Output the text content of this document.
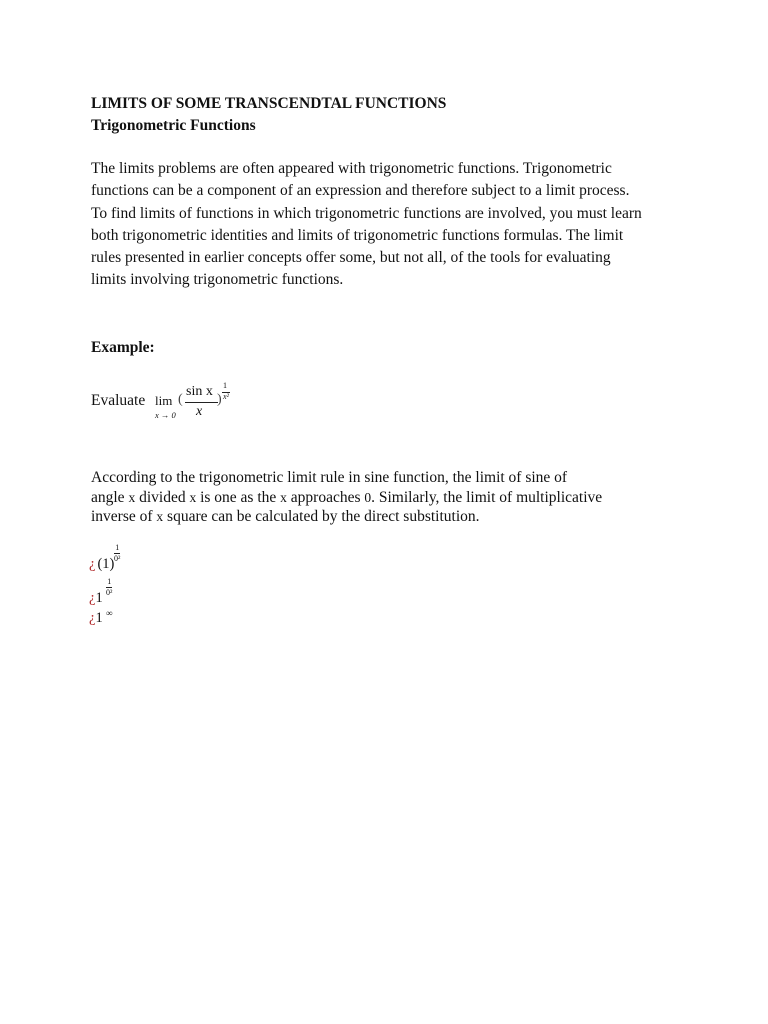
LIMITS OF SOME TRANSCENDTAL FUNCTIONS
Trigonometric Functions
The limits problems are often appeared with trigonometric functions. Trigonometric
functions can be a component of an expression and therefore subject to a limit process.
To find limits of functions in which trigonometric functions are involved, you must learn
both trigonometric identities and limits of trigonometric functions formulas. The limit
rules presented in earlier concepts offer some, but not all, of the tools for evaluating
limits involving trigonometric functions.

Example:

Evaluate lim
x → 0
(
sin x
x
)
1
x²
According to the trigonometric limit rule in sine function, the limit of sine of
angle x divided x is one as the x approaches 0. Similarly, the limit of multiplicative
inverse of x square can be calculated by the direct substitution.
¿ (1)
1
0²
¿1
1
0²
¿1 ∞
